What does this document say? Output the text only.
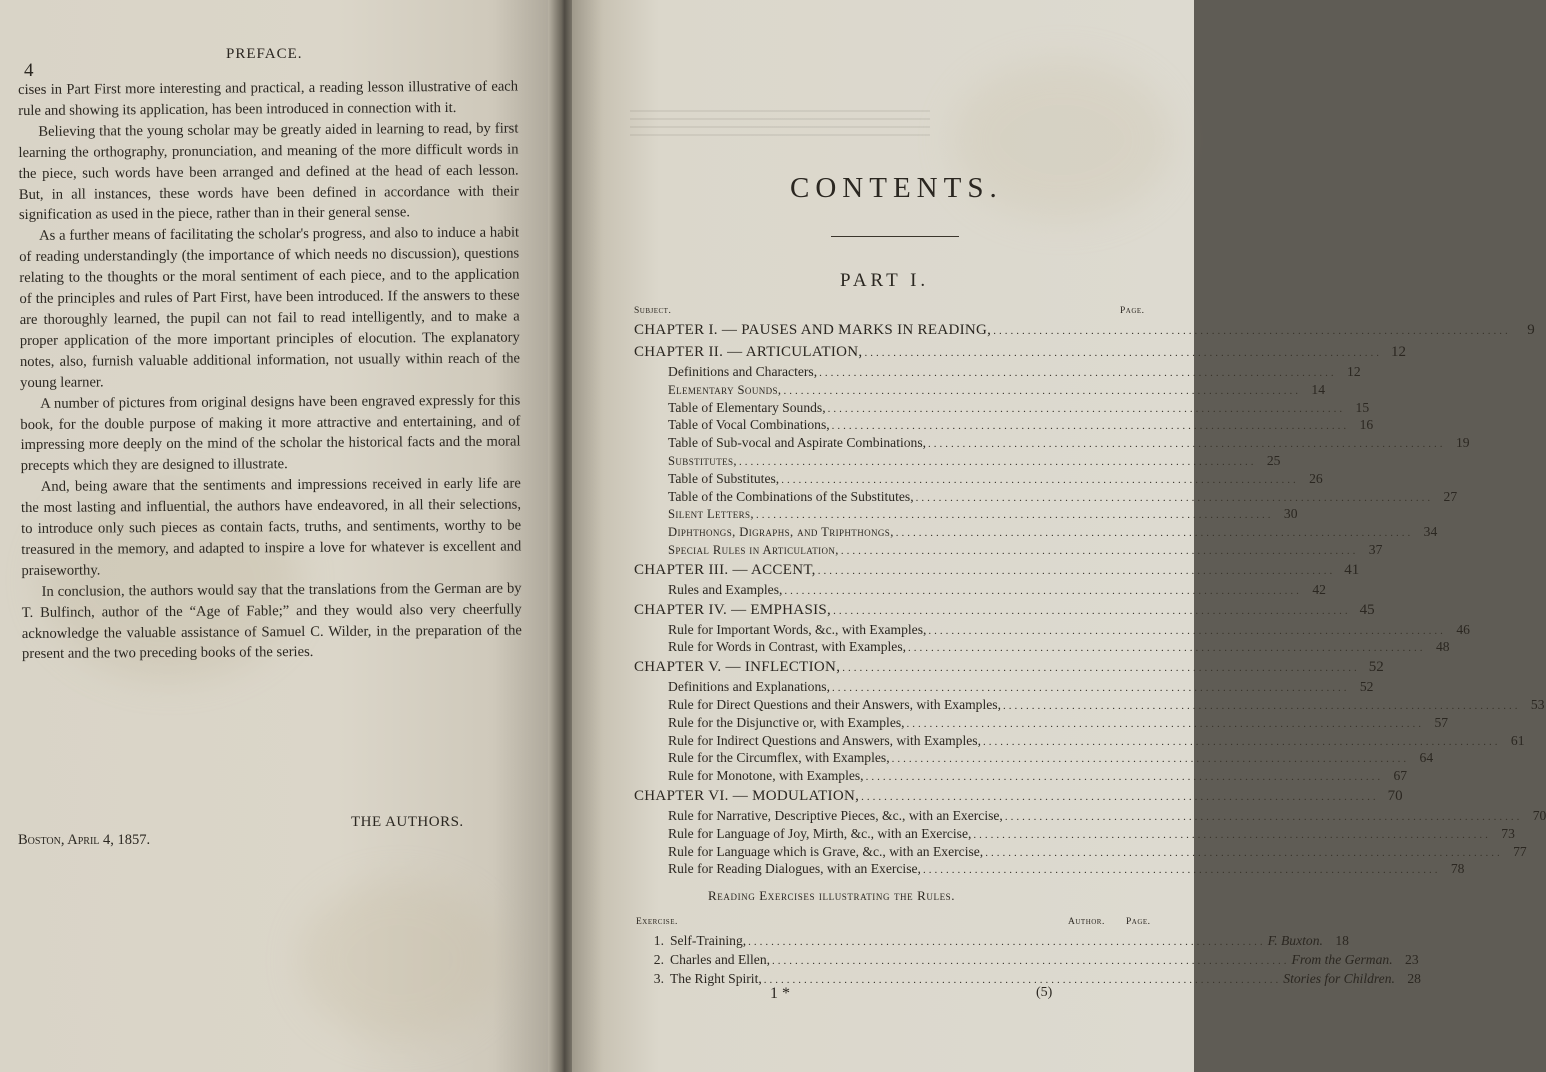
4
PREFACE.

cises in Part First more interesting and practical, a reading lesson illustrative of each rule and showing its application, has been introduced in connection with it.

Believing that the young scholar may be greatly aided in learning to read, by first learning the orthography, pronunciation, and meaning of the more difficult words in the piece, such words have been arranged and defined at the head of each lesson. But, in all instances, these words have been defined in accordance with their signification as used in the piece, rather than in their general sense.

As a further means of facilitating the scholar's progress, and also to induce a habit of reading understandingly (the importance of which needs no discussion), questions relating to the thoughts or the moral sentiment of each piece, and to the application of the principles and rules of Part First, have been introduced. If the answers to these are thoroughly learned, the pupil can not fail to read intelligently, and to make a proper application of the more important principles of elocution. The explanatory notes, also, furnish valuable additional information, not usually within reach of the young learner.

A number of pictures from original designs have been engraved expressly for this book, for the double purpose of making it more attractive and entertaining, and of impressing more deeply on the mind of the scholar the historical facts and the moral precepts which they are designed to illustrate.

And, being aware that the sentiments and impressions received in early life are the most lasting and influential, the authors have endeavored, in all their selections, to introduce only such pieces as contain facts, truths, and sentiments, worthy to be treasured in the memory, and adapted to inspire a love for whatever is excellent and praiseworthy.

In conclusion, the authors would say that the translations from the German are by T. Bulfinch, author of the “Age of Fable;” and they would also very cheerfully acknowledge the valuable assistance of Samuel C. Wilder, in the preparation of the present and the two preceding books of the series.

THE AUTHORS.
Boston, April 4, 1857.
CONTENTS.
PART I.
Subject.	Page.
CHAPTER I. — PAUSES AND MARKS IN READING, ..........................................................................................	9
CHAPTER II. — ARTICULATION, .......................................................................................... 12
Definitions and Characters, .......................................................................................... 12
Elementary Sounds, .......................................................................................... 14
Table of Elementary Sounds, .......................................................................................... 15
Table of Vocal Combinations, .......................................................................................... 16
Table of Sub-vocal and Aspirate Combinations, .......................................................................................... 19
Substitutes, .......................................................................................... 25
Table of Substitutes, .......................................................................................... 26
Table of the Combinations of the Substitutes, .......................................................................................... 27
Silent Letters, .......................................................................................... 30
Diphthongs, Digraphs, and Triphthongs, .......................................................................................... 34
Special Rules in Articulation, .......................................................................................... 37
CHAPTER III. — ACCENT, .......................................................................................... 41
Rules and Examples, .......................................................................................... 42
CHAPTER IV. — EMPHASIS, .......................................................................................... 45
Rule for Important Words, &c., with Examples, .......................................................................................... 46
Rule for Words in Contrast, with Examples, .......................................................................................... 48
CHAPTER V. — INFLECTION, .......................................................................................... 52
Definitions and Explanations, .......................................................................................... 52
Rule for Direct Questions and their Answers, with Examples, .......................................................................................... 53
Rule for the Disjunctive or, with Examples, .......................................................................................... 57
Rule for Indirect Questions and Answers, with Examples, .......................................................................................... 61
Rule for the Circumflex, with Examples, .......................................................................................... 64
Rule for Monotone, with Examples, .......................................................................................... 67
CHAPTER VI. — MODULATION, .......................................................................................... 70
Rule for Narrative, Descriptive Pieces, &c., with an Exercise, .......................................................................................... 70
Rule for Language of Joy, Mirth, &c., with an Exercise, .......................................................................................... 73
Rule for Language which is Grave, &c., with an Exercise, .......................................................................................... 77
Rule for Reading Dialogues, with an Exercise, .......................................................................................... 78
Reading Exercises illustrating the Rules.
Exercise.	Author. Page.
1. Self-Training, .......................................................................................... F. Buxton. 18
2. Charles and Ellen, .......................................................................................... From the German. 23
3. The Right Spirit, .......................................................................................... Stories for Children. 28
1 *	(5)
